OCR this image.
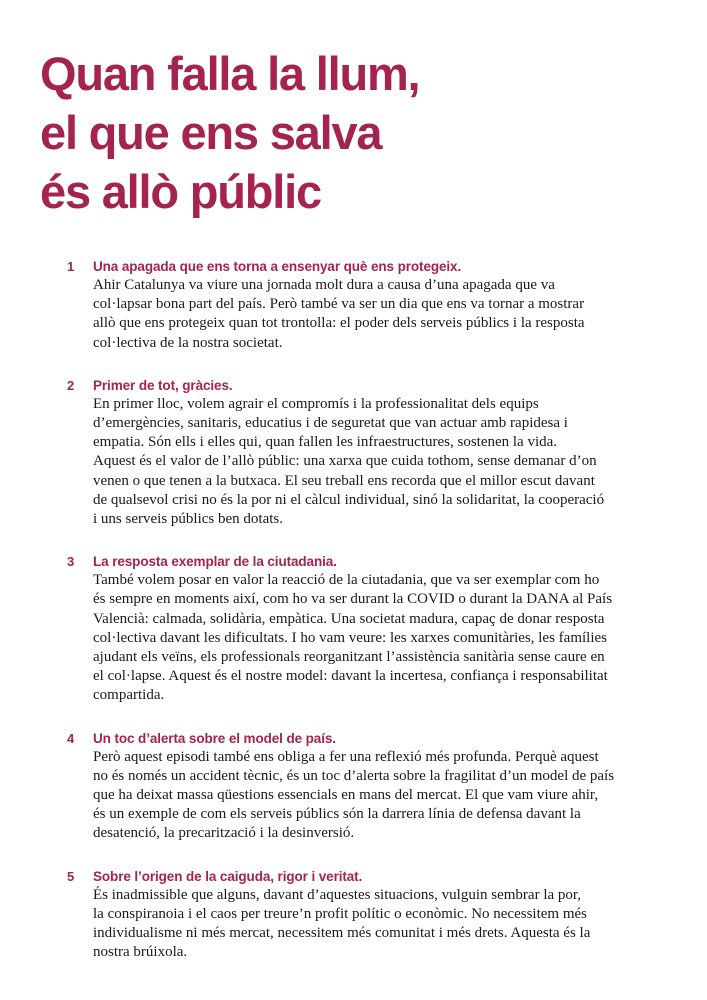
Quan falla la llum,
el que ens salva
és allò públic
1 Una apagada que ens torna a ensenyar què ens protegeix.

Ahir Catalunya va viure una jornada molt dura a causa d’una apagada que va
col·lapsar bona part del país. Però també va ser un dia que ens va tornar a mostrar
allò que ens protegeix quan tot trontolla: el poder dels serveis públics i la resposta
col·lectiva de la nostra societat.

2 Primer de tot, gràcies.

En primer lloc, volem agrair el compromís i la professionalitat dels equips
d’emergències, sanitaris, educatius i de seguretat que van actuar amb rapidesa i
empatia. Són ells i elles qui, quan fallen les infraestructures, sostenen la vida.
Aquest és el valor de l’allò públic: una xarxa que cuida tothom, sense demanar d’on
venen o que tenen a la butxaca. El seu treball ens recorda que el millor escut davant
de qualsevol crisi no és la por ni el càlcul individual, sinó la solidaritat, la cooperació
i uns serveis públics ben dotats.

3 La resposta exemplar de la ciutadania.

També volem posar en valor la reacció de la ciutadania, que va ser exemplar com ho
és sempre en moments així, com ho va ser durant la COVID o durant la DANA al País
Valencià: calmada, solidària, empàtica. Una societat madura, capaç de donar resposta
col·lectiva davant les dificultats. I ho vam veure: les xarxes comunitàries, les famílies
ajudant els veïns, els professionals reorganitzant l’assistència sanitària sense caure en
el col·lapse. Aquest és el nostre model: davant la incertesa, confiança i responsabilitat
compartida.

4 Un toc d’alerta sobre el model de país.

Però aquest episodi també ens obliga a fer una reflexió més profunda. Perquè aquest
no és només un accident tècnic, és un toc d’alerta sobre la fragilitat d’un model de país
que ha deixat massa qüestions essencials en mans del mercat. El que vam viure ahir,
és un exemple de com els serveis públics són la darrera línia de defensa davant la
desatenció, la precarització i la desinversió.

5 Sobre l’origen de la caiguda, rigor i veritat.

És inadmissible que alguns, davant d’aquestes situacions, vulguin sembrar la por,
la conspiranoia i el caos per treure’n profit polític o econòmic. No necessitem més
individualisme ni més mercat, necessitem més comunitat i més drets. Aquesta és la
nostra brúixola.
